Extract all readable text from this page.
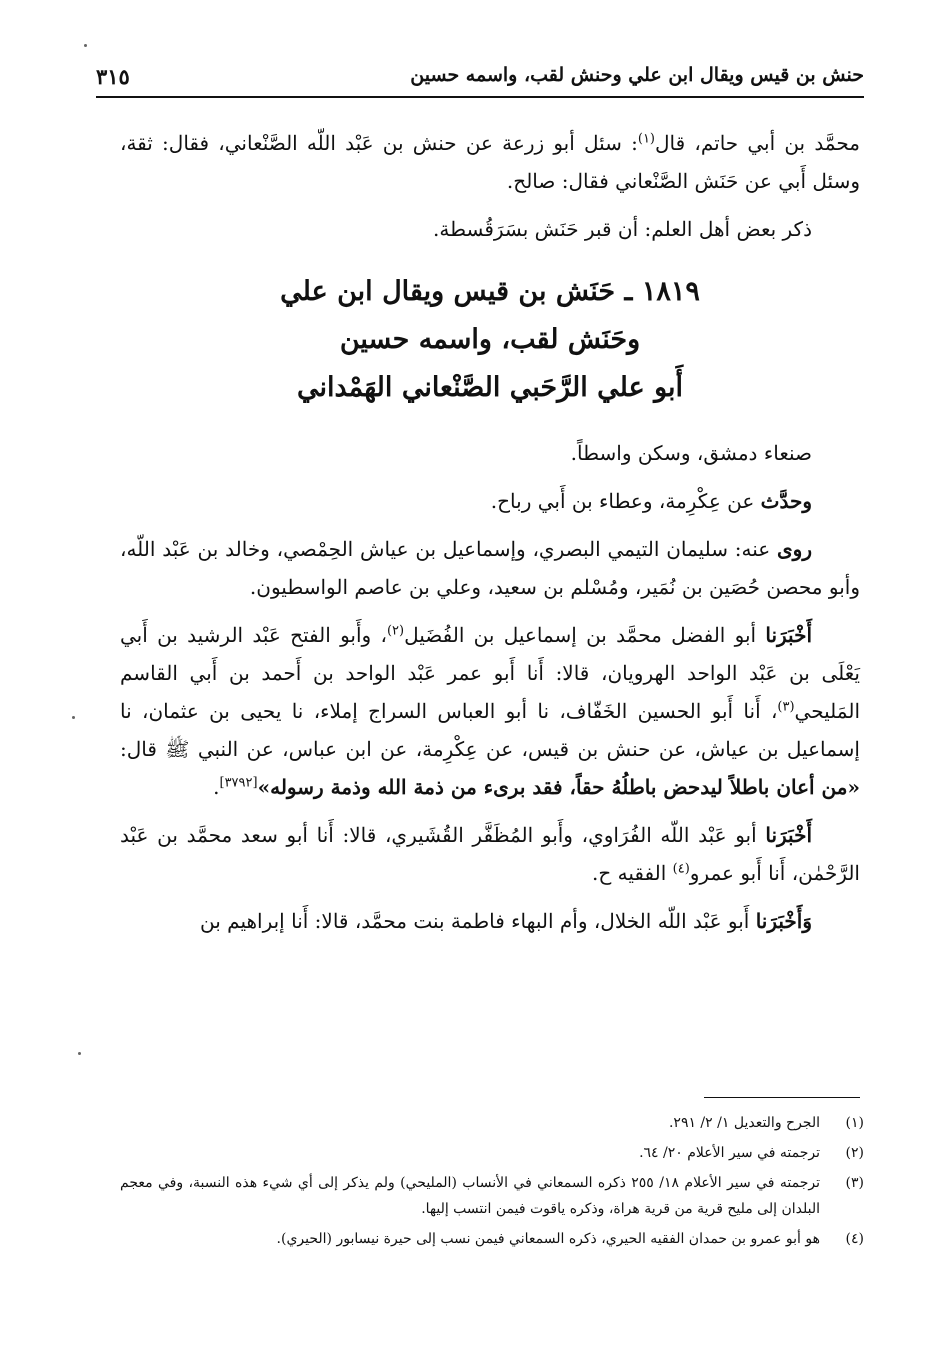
حنش بن قيس ويقال ابن علي وحنش لقب، واسمه حسين
٣١٥

محمَّد بن أبي حاتم، قال$^{(١)}$: سئل أبو زرعة عن حنش بن عَبْد اللّه الصَّنْعاني، فقال: ثقة، وسئل أَبي عن حَنَش الصَّنْعاني فقال: صالح.

ذكر بعض أهل العلم: أن قبر حَنَش بسَرَقُسطة.

١٨١٩ ـ حَنَش بن قيس ويقال ابن علي
وحَنَش لقب، واسمه حسين
أَبو علي الرَّحَبي الصَّنْعاني الهَمْداني

صنعاء دمشق، وسكن واسطاً.

وحدَّث عن عِكْرِمة، وعطاء بن أَبي رباح.

روى عنه: سليمان التيمي البصري، وإسماعيل بن عياش الحِمْصي، وخالد بن عَبْد اللّه، وأبو محصن حُصَين بن نُمَير، ومُسْلم بن سعيد، وعلي بن عاصم الواسطيون.

أَخْبَرَنا أبو الفضل محمَّد بن إسماعيل بن الفُضَيل$^{(٢)}$، وأَبو الفتح عَبْد الرشيد بن أَبي يَعْلَى بن عَبْد الواحد الهرويان، قالا: أَنا أَبو عمر عَبْد الواحد بن أَحمد بن أَبي القاسم المَليحي$^{(٣)}$، أَنا أَبو الحسين الخَفّاف، نا أبو العباس السراج إملاء، نا يحيى بن عثمان، نا إسماعيل بن عياش، عن حنش بن قيس، عن عِكْرِمة، عن ابن عباس، عن النبي ﷺ قال: «من أعان باطلاً ليدحض باطلُهُ حقاً، فقد برىء من ذمة الله وذمة رسوله»[٣٧٩٢].

أَخْبَرَنا أبو عَبْد اللّه الفُرَاوي، وأَبو المُظَفَّر القُشَيري، قالا: أَنا أبو سعد محمَّد بن عَبْد الرَّحْمٰن، أَنا أَبو عمرو$^{(٤)}$ الفقيه ح.

وَأَخْبَرَنا أَبو عَبْد اللّه الخلال، وأم البهاء فاطمة بنت محمَّد، قالا: أَنا إبراهيم بن

(١)
الجرح والتعديل ١/ ٢/ ٢٩١.
(٢)
ترجمته في سير الأعلام ٢٠/ ٦٤.
(٣)
ترجمته في سير الأعلام ١٨/ ٢٥٥ ذكره السمعاني في الأنساب (المليحي) ولم يذكر إلى أي شيء هذه النسبة، وفي معجم البلدان إلى مليح قرية من قرية هراة، وذكره ياقوت فيمن انتسب إليها.
(٤)
هو أبو عمرو بن حمدان الفقيه الحيري، ذكره السمعاني فيمن نسب إلى حيرة نيسابور (الحيري).
